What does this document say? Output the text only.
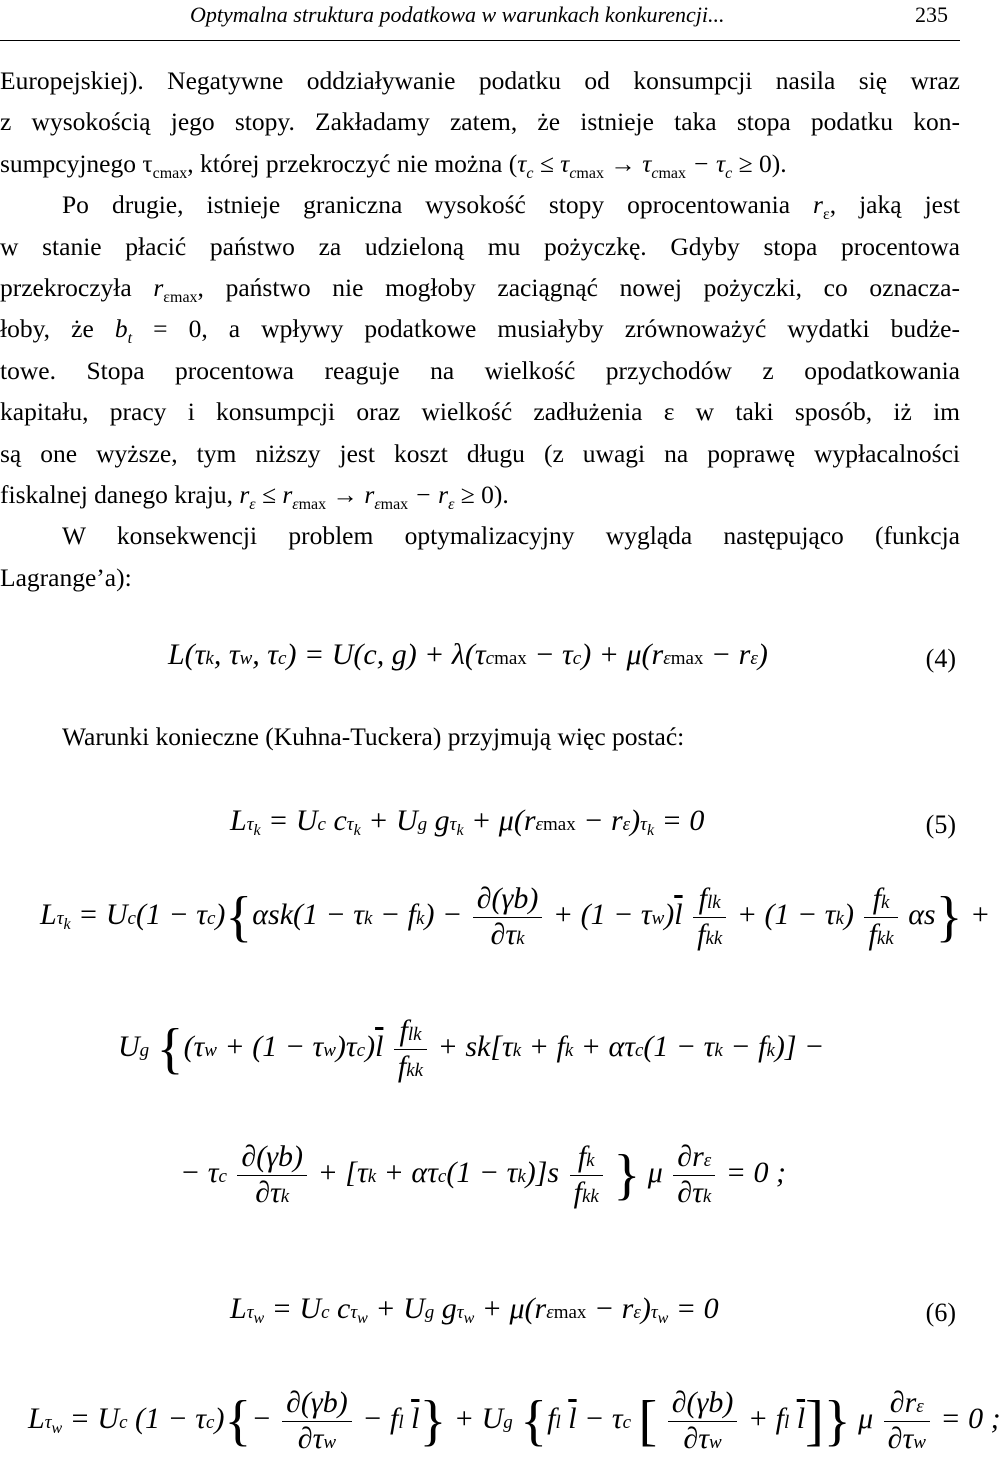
Optymalna struktura podatkowa w warunkach konkurencji...	235
Europejskiej). Negatywne oddziaływanie podatku od konsumpcji nasila się wraz
z wysokością jego stopy. Zakładamy zatem, że istnieje taka stopa podatku kon-
sumpcyjnego $\tau_{cmax}$, której przekroczyć nie można $(\tau_c \le \tau_{cmax} \to \tau_{cmax} - \tau_c \ge 0)$.
Po drugie, istnieje graniczna wysokość stopy oprocentowania $r_\varepsilon$, jaką jest
w stanie płacić państwo za udzieloną mu pożyczkę. Gdyby stopa procentowa
przekroczyła $r_{\varepsilon max}$, państwo nie mogłoby zaciągnąć nowej pożyczki, co oznacza-
łoby, że $b_t = 0$, a wpływy podatkowe musiałyby zrównoważyć wydatki budże-
towe. Stopa procentowa reaguje na wielkość przychodów z opodatkowania
kapitału, pracy i konsumpcji oraz wielkość zadłużenia ε w taki sposób, iż im
są one wyższe, tym niższy jest koszt długu (z uwagi na poprawę wypłacalności
fiskalnej danego kraju, $r_\varepsilon \le r_{\varepsilon max} \to r_{\varepsilon max} - r_\varepsilon \ge 0$).
W konsekwencji problem optymalizacyjny wygląda następująco (funkcja
Lagrange’a):
L(τk, τw, τc) = U(c, g) + λ(τcmax − τc) + μ(rεmax − rε)	(4)
Warunki konieczne (Kuhna-Tuckera) przyjmują więc postać:
$L\tau_k = Uc$ $c\tau_k + Ug$ $g\tau_k + \mu(r\varepsilon\max - r\varepsilon)\tau_k = 0$	(5)
$L\tau_k = Uc(1 - \tau c)\{\alpha sk(1 - \tau k - fk) - \frac{\partial(\gamma b)}{\partial\tau k} + (1 - \tau w)\overline{l} \frac{\text{flk}}{\text{fkk}} + (1 - \tau k) \frac{fk}{\text{fkk}} \alpha s\}$ +
Ug {$(\tau w + (1 - \tau w)\tau c)\overline{l} \frac{\text{flk}}{\text{fkk}} + sk[\tau k$ + fk + ατc(1 − τk − fk)] −
− τc $\frac{\partial(\gamma b)}{\partial\tau k} + [\tau k + \alpha\tau c(1 - \tau k)]s \frac{fk}{\text{fkk}}$ } μ $\frac{\partial r\varepsilon}{\partial\tau k} = 0$ ;
$L\tau_w = Uc$ $c\tau_w + Ug$ $g\tau_w + \mu(r\varepsilon\max - r\varepsilon)\tau_w = 0$	(6)
$L\tau_w = Uc$ $(1 - \tau c)\{- \frac{\partial(\gamma b)}{\partial\tau w}$ − fl $\overline{l}\} + Ug$ {fl $\overline{l} - \tau c$ [ $\frac{\partial(\gamma b)}{\partial\tau w}$ + fl $\overline{l}$]} μ $\frac{\partial r\varepsilon}{\partial\tau w} = 0$ ;
